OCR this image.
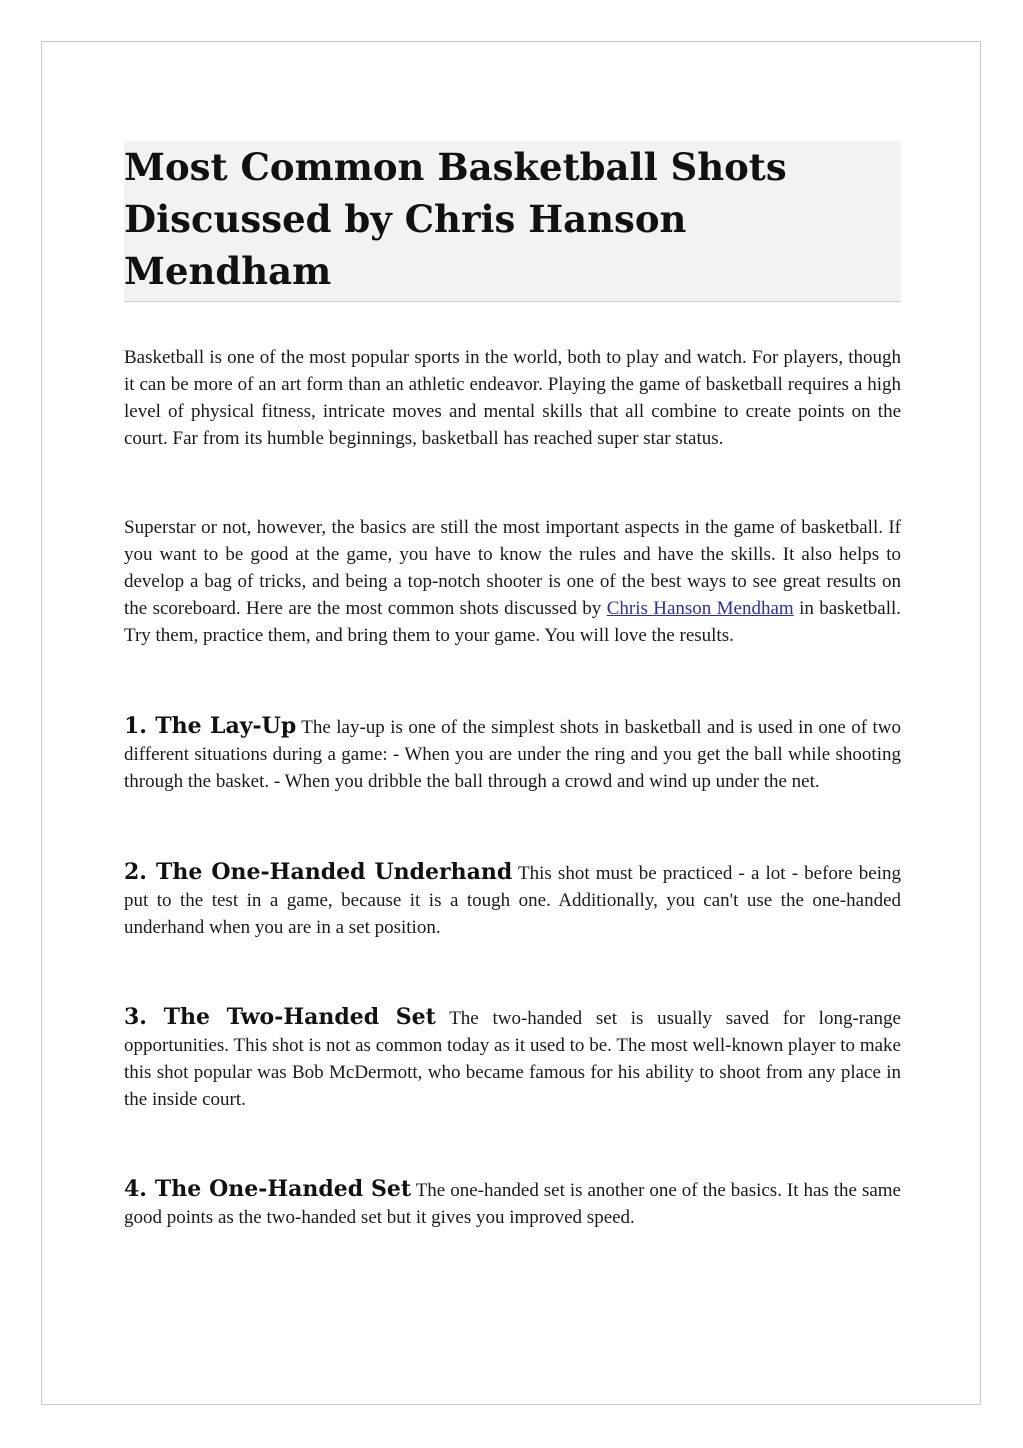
Most Common Basketball Shots Discussed by Chris Hanson Mendham

Basketball is one of the most popular sports in the world, both to play and watch. For players, though it can be more of an art form than an athletic endeavor. Playing the game of basketball requires a high level of physical fitness, intricate moves and mental skills that all combine to create points on the court. Far from its humble beginnings, basketball has reached super star status.

Superstar or not, however, the basics are still the most important aspects in the game of basketball. If you want to be good at the game, you have to know the rules and have the skills. It also helps to develop a bag of tricks, and being a top-notch shooter is one of the best ways to see great results on the scoreboard. Here are the most common shots discussed by Chris Hanson Mendham in basketball. Try them, practice them, and bring them to your game. You will love the results.

1. The Lay-Up The lay-up is one of the simplest shots in basketball and is used in one of two different situations during a game: - When you are under the ring and you get the ball while shooting through the basket. - When you dribble the ball through a crowd and wind up under the net.

2. The One-Handed Underhand This shot must be practiced - a lot - before being put to the test in a game, because it is a tough one. Additionally, you can't use the one-handed underhand when you are in a set position.

3. The Two-Handed Set The two-handed set is usually saved for long-range opportunities. This shot is not as common today as it used to be. The most well-known player to make this shot popular was Bob McDermott, who became famous for his ability to shoot from any place in the inside court.

4. The One-Handed Set The one-handed set is another one of the basics. It has the same good points as the two-handed set but it gives you improved speed.
